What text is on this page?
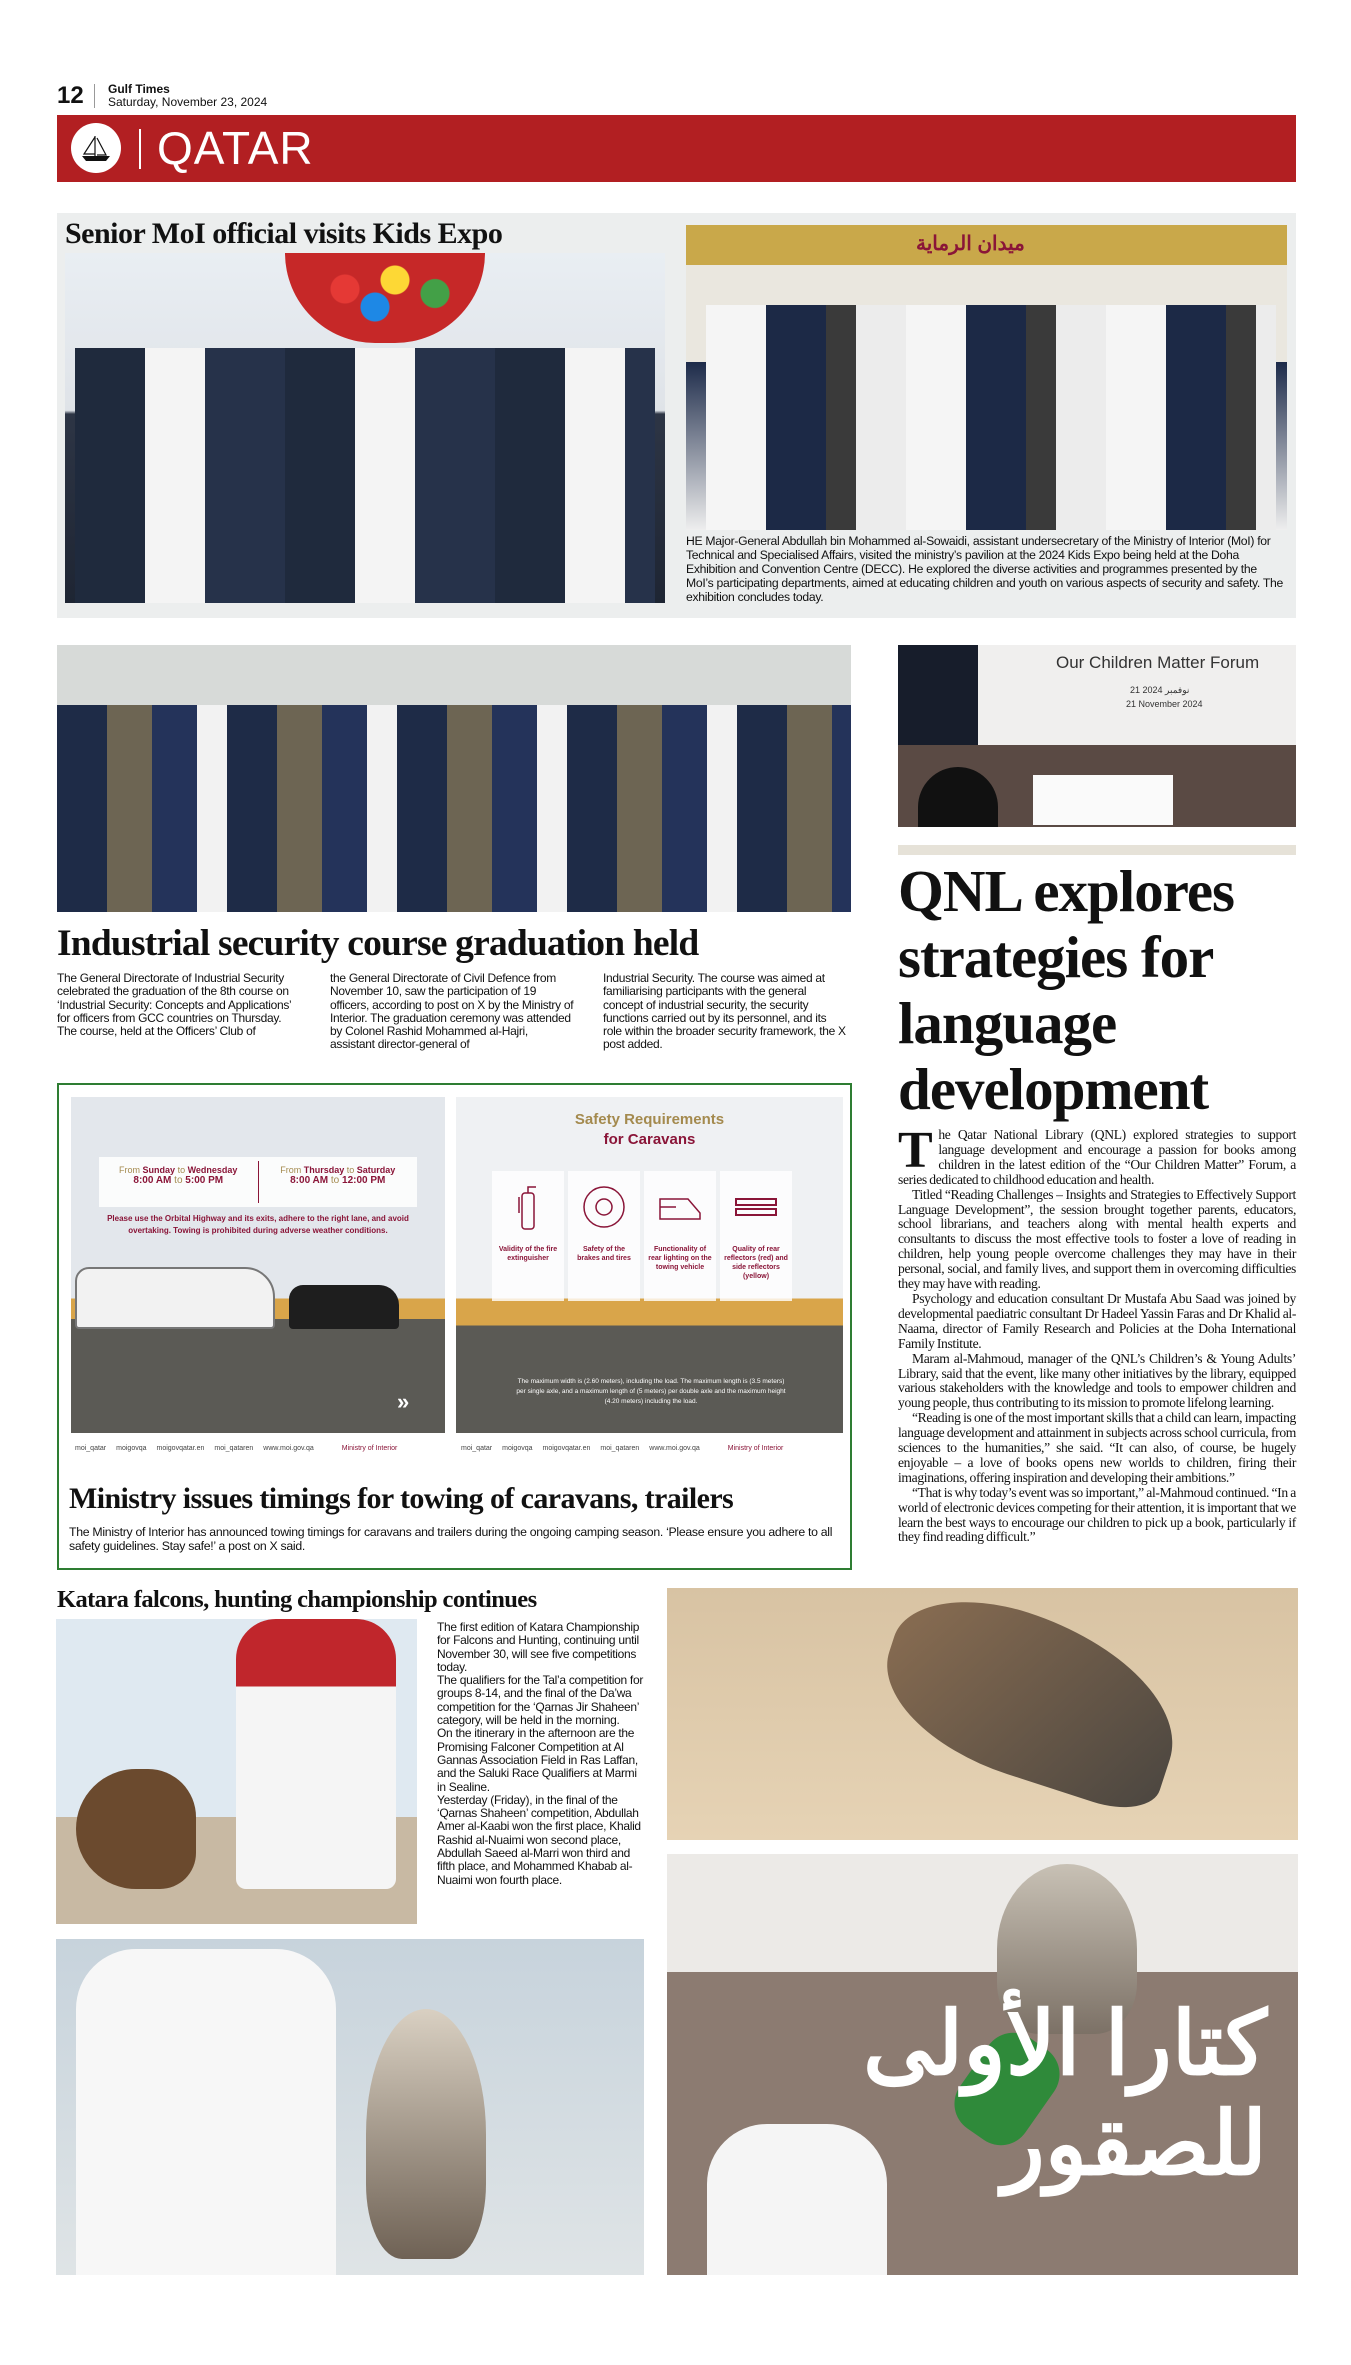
12 Gulf Times
Saturday, November 23, 2024
QATAR
Senior MoI official visits Kids Expo	ميدان الرماية
HE Major-General Abdullah bin Mohammed al-Sowaidi, assistant undersecretary of the Ministry of Interior (MoI) for Technical and Specialised Affairs, visited the ministry’s pavilion at the 2024 Kids Expo being held at the Doha Exhibition and Convention Centre (DECC). He explored the diverse activities and programmes presented by the MoI’s participating departments, aimed at educating children and youth on various aspects of security and safety. The exhibition concludes today.
Industrial security course graduation held
The General Directorate of Industrial Security celebrated the graduation of the 8th course on ‘Industrial Security: Concepts and Applications’ for officers from GCC countries on Thursday.
The course, held at the Officers’ Club of
the General Directorate of Civil Defence from November 10, saw the participation of 19 officers, according to post on X by the Ministry of Interior. The graduation ceremony was attended by Colonel Rashid Mohammed al-Hajri, assistant director-general of
Industrial Security. The course was aimed at familiarising participants with the general concept of industrial security, the security functions carried out by its personnel, and its role within the broader security framework, the X post added.
Our Children Matter Forum
21 نوفمبر 2024
21 November 2024
QNL explores strategies for language development

The Qatar National Library (QNL) explored strategies to support language development and encourage a passion for books among children in the latest edition of the “Our Children Matter” Forum, a series dedicated to childhood education and health.

Titled “Reading Challenges – Insights and Strategies to Effectively Support Language Development”, the session brought together parents, educators, school librarians, and teachers along with mental health experts and consultants to discuss the most effective tools to foster a love of reading in children, help young people overcome challenges they may have in their personal, social, and family lives, and support them in overcoming difficulties they may have with reading.

Psychology and education consultant Dr Mustafa Abu Saad was joined by developmental paediatric consultant Dr Hadeel Yassin Faras and Dr Khalid al-Naama, director of Family Research and Policies at the Doha International Family Institute.

Maram al-Mahmoud, manager of the QNL’s Children’s & Young Adults’ Library, said that the event, like many other initiatives by the library, equipped various stakeholders with the knowledge and tools to empower children and young people, thus contributing to its mission to promote lifelong learning.

“Reading is one of the most important skills that a child can learn, impacting language development and attainment in subjects across school curricula, from sciences to the humanities,” she said. “It can also, of course, be hugely enjoyable – a love of books opens new worlds to children, firing their imaginations, offering inspiration and developing their ambitions.”

“That is why today’s event was so important,” al-Mahmoud continued. “In a world of electronic devices competing for their attention, it is important that we learn the best ways to encourage our children to pick up a book, particularly if they find reading difficult.”

From Sunday to Wednesday
8:00 AM to 5:00 PM
From Thursday to Saturday
8:00 AM to 12:00 PM
Please use the Orbital Highway and its exits, adhere to the right lane, and avoid overtaking. Towing is prohibited during adverse weather conditions.
»
Safety Requirements
for Caravans
Validity of the fire extinguisher
Safety of the brakes and tires
Functionality of rear lighting on the towing vehicle
Quality of rear reflectors (red) and side reflectors (yellow)
The maximum width is (2.60 meters), including the load. The maximum length is (3.5 meters) per single axle, and a maximum length of (5 meters) per double axle and the maximum height (4.20 meters) including the load.
moi_qatar moigovqa moigovqatar.en moi_qataren www.moi.gov.qa	Ministry of Interior	moi_qatar moigovqa moigovqatar.en moi_qataren www.moi.gov.qa	Ministry of Interior
Ministry issues timings for towing of caravans, trailers
The Ministry of Interior has announced towing timings for caravans and trailers during the ongoing camping season. ‘Please ensure you adhere to all safety guidelines. Stay safe!’ a post on X said.
Katara falcons, hunting championship continues
The first edition of Katara Championship for Falcons and Hunting, continuing until November 30, will see five competitions today.
The qualifiers for the Tal’a competition for groups 8-14, and the final of the Da’wa competition for the ‘Qarnas Jir Shaheen’ category, will be held in the morning.
On the itinerary in the afternoon are the Promising Falconer Competition at Al Gannas Association Field in Ras Laffan, and the Saluki Race Qualifiers at Marmi in Sealine.
Yesterday (Friday), in the final of the ‘Qarnas Shaheen’ competition, Abdullah Amer al-Kaabi won the first place, Khalid Rashid al-Nuaimi won second place, Abdullah Saeed al-Marri won third and fifth place, and Mohammed Khabab al-Nuaimi won fourth place.
كتارا الأولى للصقور
